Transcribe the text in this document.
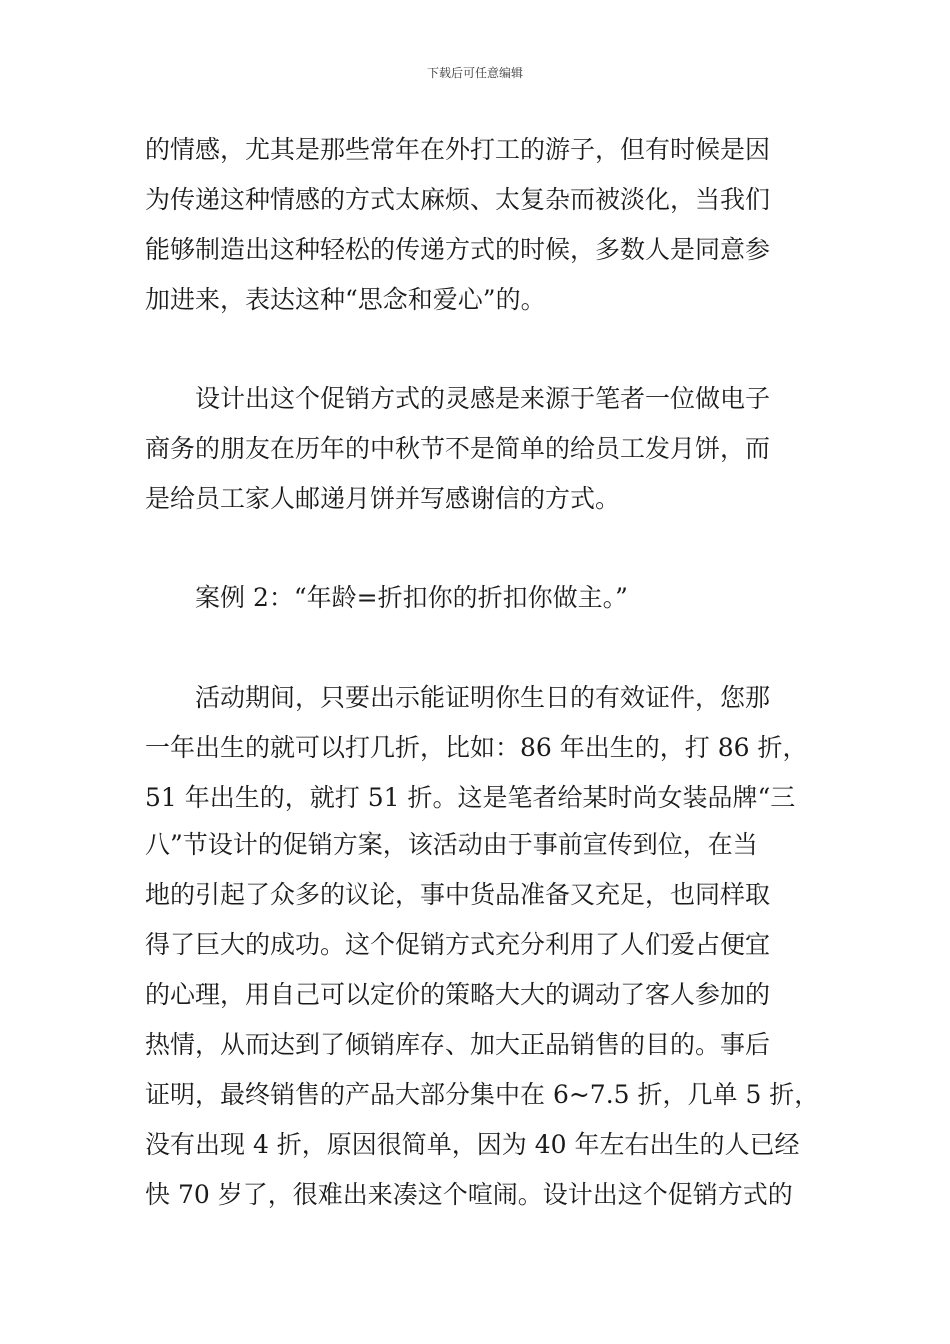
下载后可任意编辑
的情感，尤其是那些常年在外打工的游子，但有时候是因
为传递这种情感的方式太麻烦、太复杂而被淡化，当我们
能够制造出这种轻松的传递方式的时候，多数人是同意参
加进来，表达这种“思念和爱心”的。
设计出这个促销方式的灵感是来源于笔者一位做电子
商务的朋友在历年的中秋节不是简单的给员工发月饼，而
是给员工家人邮递月饼并写感谢信的方式。
案例 2：“年龄=折扣你的折扣你做主。”
活动期间，只要出示能证明你生日的有效证件，您那
一年出生的就可以打几折，比如：86 年出生的，打 86 折，
51 年出生的，就打 51 折。这是笔者给某时尚女装品牌“三
八”节设计的促销方案，该活动由于事前宣传到位，在当
地的引起了众多的议论，事中货品准备又充足，也同样取
得了巨大的成功。这个促销方式充分利用了人们爱占便宜
的心理，用自己可以定价的策略大大的调动了客人参加的
热情，从而达到了倾销库存、加大正品销售的目的。事后
证明，最终销售的产品大部分集中在 6~7.5 折，几单 5 折，
没有出现 4 折，原因很简单，因为 40 年左右出生的人已经
快 70 岁了，很难出来凑这个喧闹。设计出这个促销方式的
